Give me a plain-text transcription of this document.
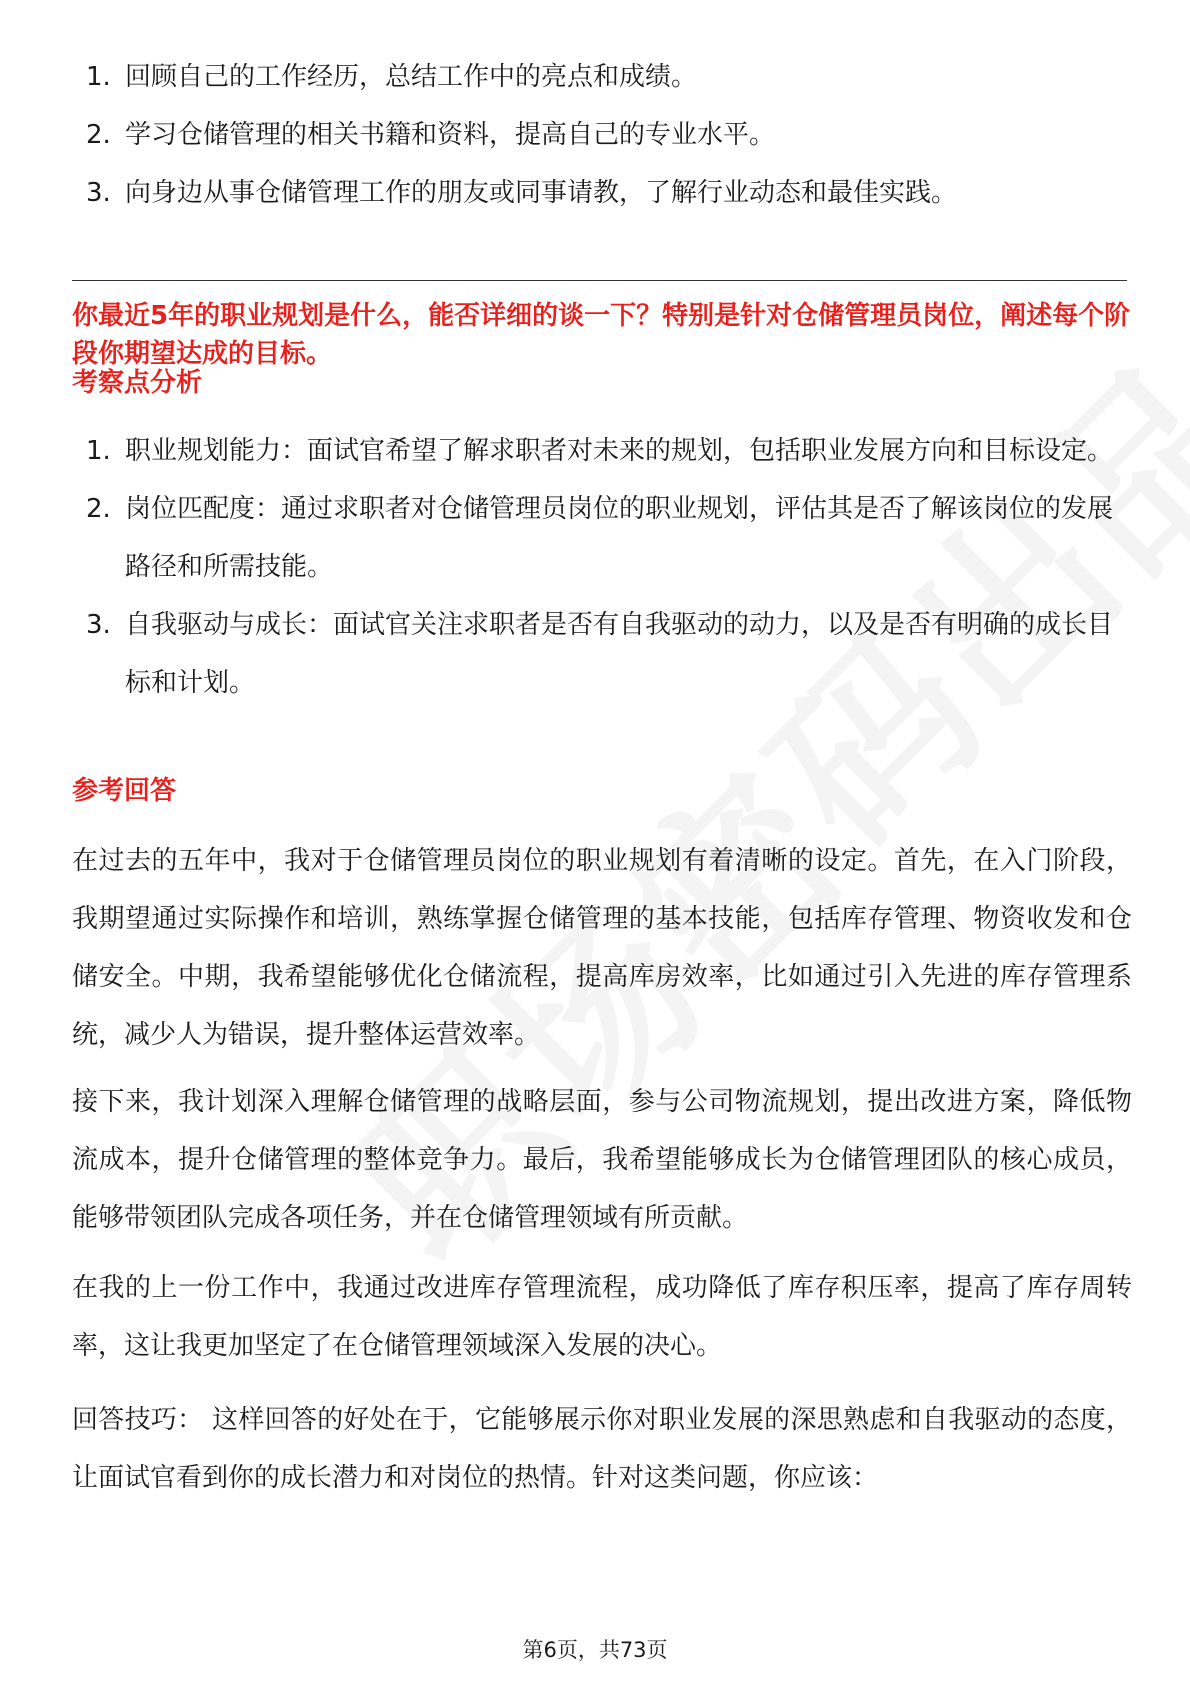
1. 回顾自己的工作经历，总结工作中的亮点和成绩。
2. 学习仓储管理的相关书籍和资料，提高自己的专业水平。
3. 向身边从事仓储管理工作的朋友或同事请教，了解行业动态和最佳实践。
你最近5年的职业规划是什么，能否详细的谈一下？特别是针对仓储管理员岗位，阐述每个阶段你期望达成的目标。
考察点分析
1. 职业规划能力：面试官希望了解求职者对未来的规划，包括职业发展方向和目标设定。
2. 岗位匹配度：通过求职者对仓储管理员岗位的职业规划，评估其是否了解该岗位的发展路径和所需技能。
3. 自我驱动与成长：面试官关注求职者是否有自我驱动的动力，以及是否有明确的成长目标和计划。
参考回答
在过去的五年中，我对于仓储管理员岗位的职业规划有着清晰的设定。首先，在入门阶段，我期望通过实际操作和培训，熟练掌握仓储管理的基本技能，包括库存管理、物资收发和仓储安全。中期，我希望能够优化仓储流程，提高库房效率，比如通过引入先进的库存管理系统，减少人为错误，提升整体运营效率。
接下来，我计划深入理解仓储管理的战略层面，参与公司物流规划，提出改进方案，降低物流成本，提升仓储管理的整体竞争力。最后，我希望能够成长为仓储管理团队的核心成员，能够带领团队完成各项任务，并在仓储管理领域有所贡献。
在我的上一份工作中，我通过改进库存管理流程，成功降低了库存积压率，提高了库存周转率，这让我更加坚定了在仓储管理领域深入发展的决心。
回答技巧： 这样回答的好处在于，它能够展示你对职业发展的深思熟虑和自我驱动的态度，让面试官看到你的成长潜力和对岗位的热情。针对这类问题，你应该：
第6页，共73页
